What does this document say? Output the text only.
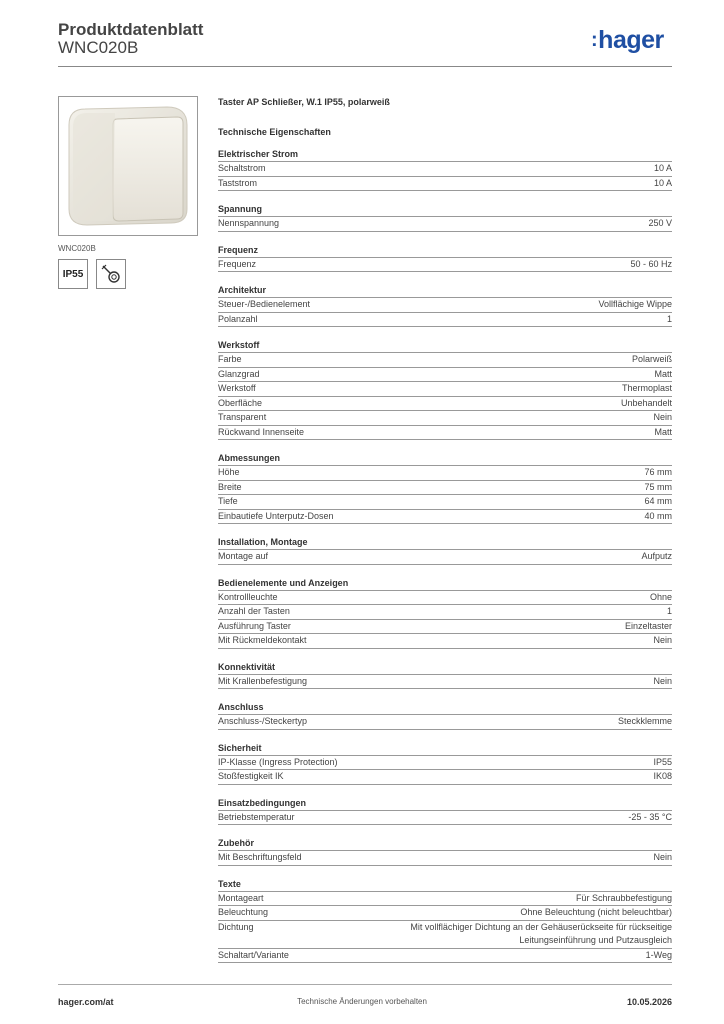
Produktdatenblatt
WNC020B	:hager
WNC020B
IP55
Taster AP Schließer, W.1 IP55, polarweiß
Technische Eigenschaften
Elektrischer Strom
Schaltstrom	10 A
Taststrom	10 A
Spannung
Nennspannung	250 V
Frequenz
Frequenz	50 - 60 Hz
Architektur
Steuer-/Bedienelement	Vollflächige Wippe
Polanzahl	1
Werkstoff
Farbe	Polarweiß
Glanzgrad	Matt
Werkstoff	Thermoplast
Oberfläche	Unbehandelt
Transparent	Nein
Rückwand Innenseite	Matt
Abmessungen
Höhe	76 mm
Breite	75 mm
Tiefe	64 mm
Einbautiefe Unterputz-Dosen	40 mm
Installation, Montage
Montage auf	Aufputz
Bedienelemente und Anzeigen
Kontrollleuchte	Ohne
Anzahl der Tasten	1
Ausführung Taster	Einzeltaster
Mit Rückmeldekontakt	Nein
Konnektivität
Mit Krallenbefestigung	Nein
Anschluss
Anschluss-/Steckertyp	Steckklemme
Sicherheit
IP-Klasse (Ingress Protection)	IP55
Stoßfestigkeit IK	IK08
Einsatzbedingungen
Betriebstemperatur	-25 - 35 °C
Zubehör
Mit Beschriftungsfeld	Nein
Texte
Montageart	Für Schraubbefestigung
Beleuchtung	Ohne Beleuchtung (nicht beleuchtbar)
Dichtung	Mit vollflächiger Dichtung an der Gehäuserückseite für rückseitige Leitungseinführung und Putzausgleich
Schaltart/Variante	1-Weg
hager.com/at	Technische Änderungen vorbehalten	10.05.2026
